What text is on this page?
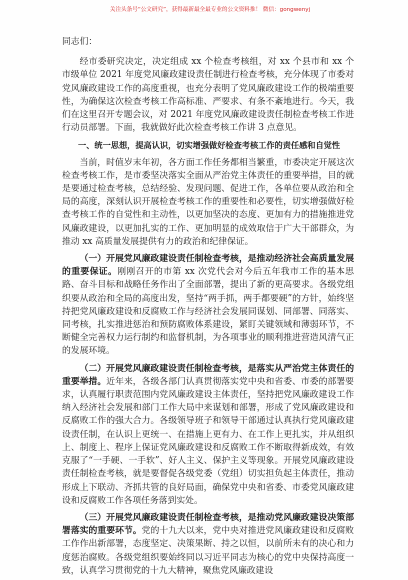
关注头条号“公文研究”，获得最新最全最专业的公文资料推！ 微信：gongwenyj
同志们：

经市委研究决定，决定组成 xx 个检查考核组，对 xx 个县市和 xx 个市级单位 2021 年度党风廉政建设责任制进行检查考核，充分体现了市委对党风廉政建设工作的高度重视，也充分表明了党风廉政建设工作的极端重要性，为确保这次检查考核工作高标准、严要求、有条不紊地进行。今天，我们在这里召开专题会议，对 2021 年度党风廉政建设责任制检查考核工作进行动员部署。下面，我就做好此次检查考核工作讲 3 点意见。

一、统一思想，提高认识，切实增强做好检查考核工作的责任感和自觉性

当前，时值岁末年初，各方面工作任务都相当繁重，市委决定开展这次检查考核工作，是市委坚决落实全面从严治党主体责任的重要举措，目的就是要通过检查考核，总结经验、发现问题、促进工作，各单位要从政治和全局的高度，深刻认识开展检查考核工作的重要性和必要性，切实增强做好检查考核工作的自觉性和主动性，以更加坚决的态度、更加有力的措施推进党风廉政建设，以更加扎实的工作、更加明显的成效取信于广大干部群众，为推动 xx 高质量发展提供有力的政治和纪律保证。

（一）开展党风廉政建设责任制检查考核，是推动经济社会高质量发展的重要保证。刚刚召开的市第 xx 次党代会对今后五年我市工作的基本思路、奋斗目标和战略任务作出了全面部署，提出了新的更高要求。各级党组织要从政治和全局的高度出发，坚持“两手抓，两手都要硬”的方针，始终坚持把党风廉政建设和反腐败工作与经济社会发展同谋划、同部署、同落实、同考核，扎实推进惩治和预防腐败体系建设，紧盯关键领域和薄弱环节，不断健全完善权力运行制约和监督机制，为各项事业的顺利推进营造风清气正的发展环境。

（二）开展党风廉政建设责任制检查考核，是落实从严治党主体责任的重要举措。近年来，各级各部门认真贯彻落实党中央和省委、市委的部署要求，认真履行职责范围内党风廉政建设主体责任，坚持把党风廉政建设工作纳入经济社会发展和部门工作大局中来谋划和部署，形成了党风廉政建设和反腐败工作的强大合力。各级领导班子和领导干部通过认真执行党风廉政建设责任制，在认识上更统一、在措施上更有力、在工作上更扎实，并从组织上、制度上、程序上保证党风廉政建设和反腐败工作不断取得新成效，有效克服了“一手硬、一手软”、好人主义、保护主义等现象。开展党风廉政建设责任制检查考核，就是要督促各级党委（党组）切实担负起主体责任，推动形成上下联动、齐抓共管的良好局面，确保党中央和省委、市委党风廉政建设和反腐败工作各项任务落到实处。

（三）开展党风廉政建设责任制检查考核，是推动党风廉政建设决策部署落实的重要环节。党的十九大以来，党中央对推进党风廉政建设和反腐败工作作出新部署，态度坚定、决策果断、持之以恒，以前所未有的决心和力度惩治腐败。各级党组织要始终同以习近平同志为核心的党中央保持高度一致，认真学习贯彻党的十九大精神，聚焦党风廉政建设
